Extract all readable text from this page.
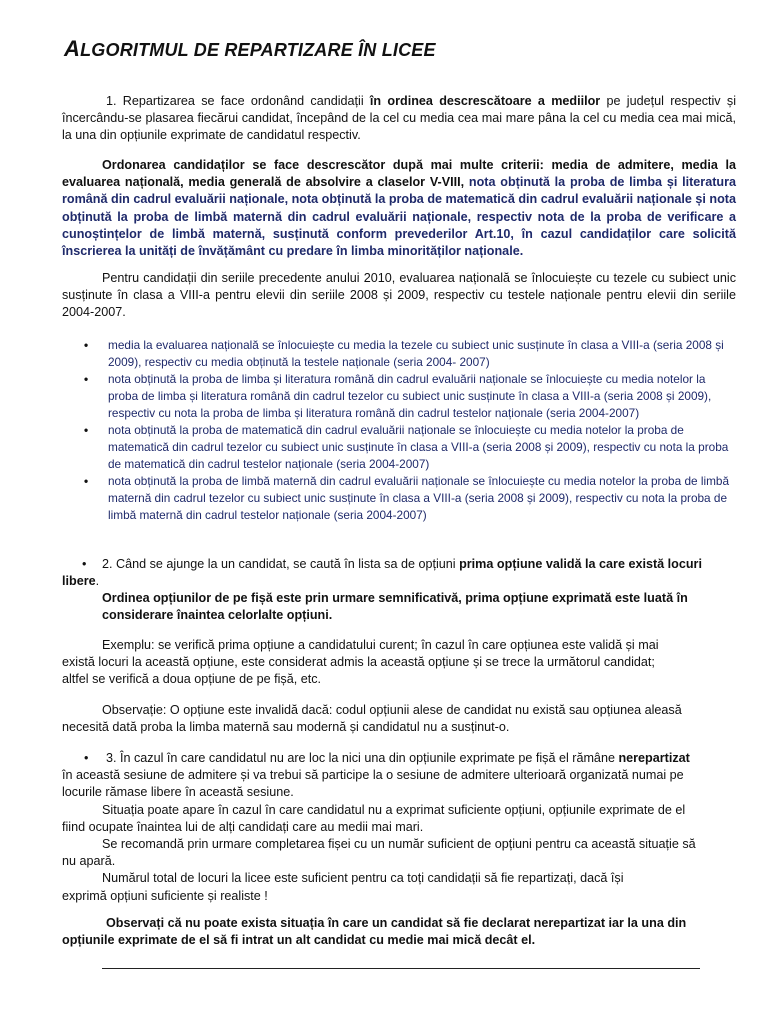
ALGORITMUL DE REPARTIZARE ÎN LICEE

1. Repartizarea se face ordonând candidații în ordinea descrescătoare a mediilor pe județul respectiv și încercându-se plasarea fiecărui candidat, începând de la cel cu media cea mai mare pâna la cel cu media cea mai mică, la una din opțiunile exprimate de candidatul respectiv.

Ordonarea candidaților se face descrescător după mai multe criterii: media de admitere, media la evaluarea națională, media generală de absolvire a claselor V-VIII, nota obținută la proba de limba și literatura română din cadrul evaluării naționale, nota obținută la proba de matematică din cadrul evaluării naționale și nota obținută la proba de limbă maternă din cadrul evaluării naționale, respectiv nota de la proba de verificare a cunoștințelor de limbă maternă, susținută conform prevederilor Art.10, în cazul candidaților care solicită înscrierea la unități de învățământ cu predare în limba minorităților naționale.

Pentru candidații din seriile precedente anului 2010, evaluarea națională se înlocuiește cu tezele cu subiect unic susținute în clasa a VIII-a pentru elevii din seriile 2008 și 2009, respectiv cu testele naționale pentru elevii din seriile 2004-2007.

• media la evaluarea națională se înlocuiește cu media la tezele cu subiect unic susținute în clasa a VIII-a (seria 2008 și 2009), respectiv cu media obținută la testele naționale (seria 2004- 2007)
• nota obținută la proba de limba și literatura română din cadrul evaluării naționale se înlocuiește cu media notelor la proba de limba și literatura română din cadrul tezelor cu subiect unic susținute în clasa a VIII-a (seria 2008 și 2009), respectiv cu nota la proba de limba și literatura română din cadrul testelor naționale (seria 2004-2007)
• nota obținută la proba de matematică din cadrul evaluării naționale se înlocuiește cu media notelor la proba de matematică din cadrul tezelor cu subiect unic susținute în clasa a VIII-a (seria 2008 și 2009), respectiv cu nota la proba de matematică din cadrul testelor naționale (seria 2004-2007)
• nota obținută la proba de limbă maternă din cadrul evaluării naționale se înlocuiește cu media notelor la proba de limbă maternă din cadrul tezelor cu subiect unic susținute în clasa a VIII-a (seria 2008 și 2009), respectiv cu nota la proba de limbă maternă din cadrul testelor naționale (seria 2004-2007)

• 2. Când se ajunge la un candidat, se caută în lista sa de opțiuni prima opțiune validă la care există locuri libere.

Ordinea opțiunilor de pe fișă este prin urmare semnificativă, prima opțiune exprimată este luată în considerare înaintea celorlalte opțiuni.

Exemplu: se verifică prima opțiune a candidatului curent; în cazul în care opțiunea este validă și mai există locuri la această opțiune, este considerat admis la această opțiune și se trece la următorul candidat; altfel se verifică a doua opțiune de pe fișă, etc.

Observație: O opțiune este invalidă dacă: codul opțiunii alese de candidat nu există sau opțiunea aleasă necesită dată proba la limba maternă sau modernă și candidatul nu a susținut-o.

• 3. În cazul în care candidatul nu are loc la nici una din opțiunile exprimate pe fișă el rămâne nerepartizat în această sesiune de admitere și va trebui să participe la o sesiune de admitere ulterioară organizată numai pe locurile rămase libere în această sesiune.

Situația poate apare în cazul în care candidatul nu a exprimat suficiente opțiuni, opțiunile exprimate de el fiind ocupate înaintea lui de alți candidați care au medii mai mari.

Se recomandă prin urmare completarea fișei cu un număr suficient de opțiuni pentru ca această situație să nu apară.

Numărul total de locuri la licee este suficient pentru ca toți candidații să fie repartizați, dacă își exprimă opțiuni suficiente și realiste !

Observați că nu poate exista situația în care un candidat să fie declarat nerepartizat iar la una din opțiunile exprimate de el să fi intrat un alt candidat cu medie mai mică decât el.
